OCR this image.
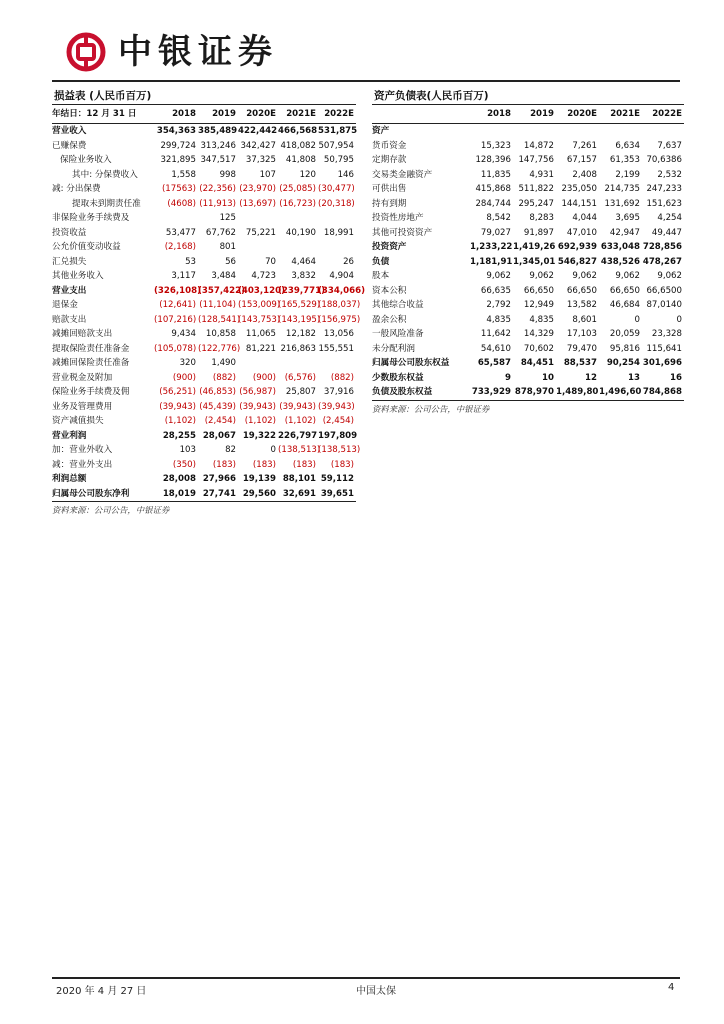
中银证券
损益表 (人民币百万)
年结日：12 月 31 日	2018	2019	2020E	2021E	2022E
营业收入	354,363	385,489	422,442	466,568	531,875
已赚保费	299,724	313,246	342,427	418,082	507,954
保险业务收入	321,895	347,517	37,325	41,808	50,795
其中: 分保费收入	1,558	998	107	120	146
减: 分出保费	(17563)	(22,356)	(23,970)	(25,085)	(30,477)
提取未到期责任准	(4608)	(11,913)	(13,697)	(16,723)	(20,318)
非保险业务手续费及		125			
投资收益	53,477	67,762	75,221	40,190	18,991
公允价值变动收益	(2,168)	801			
汇兑损失	53	56	70	4,464	26
其他业务收入	3,117	3,484	4,723	3,832	4,904
营业支出	(326,108)	(357,422)	(403,120)	(239,771)	(334,066)
退保金	(12,641)	(11,104)	(153,009)	(165,529)	(188,037)
赔款支出	(107,216)	(128,541)	(143,753)	(143,195)	(156,975)
减摊回赔款支出	9,434	10,858	11,065	12,182	13,056
提取保险责任准备金	(105,078)	(122,776)	81,221	216,863	155,551
减摊回保险责任准备	320	1,490			
营业税金及附加	(900)	(882)	(900)	(6,576)	(882)
保险业务手续费及佣	(56,251)	(46,853)	(56,987)	25,807	37,916
业务及管理费用	(39,943)	(45,439)	(39,943)	(39,943)	(39,943)
资产减值损失	(1,102)	(2,454)	(1,102)	(1,102)	(2,454)
营业利润	28,255	28,067	19,322	226,797	197,809
加：营业外收入	103	82	0	(138,513)	(138,513)
减：营业外支出	(350)	(183)	(183)	(183)	(183)
利润总额	28,008	27,966	19,139	88,101	59,112
归属母公司股东净利	18,019	27,741	29,560	32,691	39,651
资料来源：公司公告，中银证券
资产负债表(人民币百万)
	2018	2019	2020E	2021E	2022E
资产					
货币资金	15,323	14,872	7,261	6,634	7,637
定期存款	128,396	147,756	67,157	61,353	70,6386
交易类金融资产	11,835	4,931	2,408	2,199	2,532
可供出售	415,868	511,822	235,050	214,735	247,233
持有到期	284,744	295,247	144,151	131,692	151,623
投资性房地产	8,542	8,283	4,044	3,695	4,254
其他可投资资产	79,027	91,897	47,010	42,947	49,447
投资资产	1,233,22	1,419,26	692,939	633,048	728,856
负债	1,181,91	1,345,01	546,827	438,526	478,267
股本	9,062	9,062	9,062	9,062	9,062
资本公积	66,635	66,650	66,650	66,650	66,6500
其他综合收益	2,792	12,949	13,582	46,684	87,0140
盈余公积	4,835	4,835	8,601	0	0
一般风险准备	11,642	14,329	17,103	20,059	23,328
未分配利润	54,610	70,602	79,470	95,816	115,641
归属母公司股东权益	65,587	84,451	88,537	90,254	301,696
少数股东权益	9	10	12	13	16
负债及股东权益	733,929	878,970	1,489,80	1,496,60	784,868
资料来源：公司公告，中银证券
2020 年 4 月 27 日	中国太保	4
